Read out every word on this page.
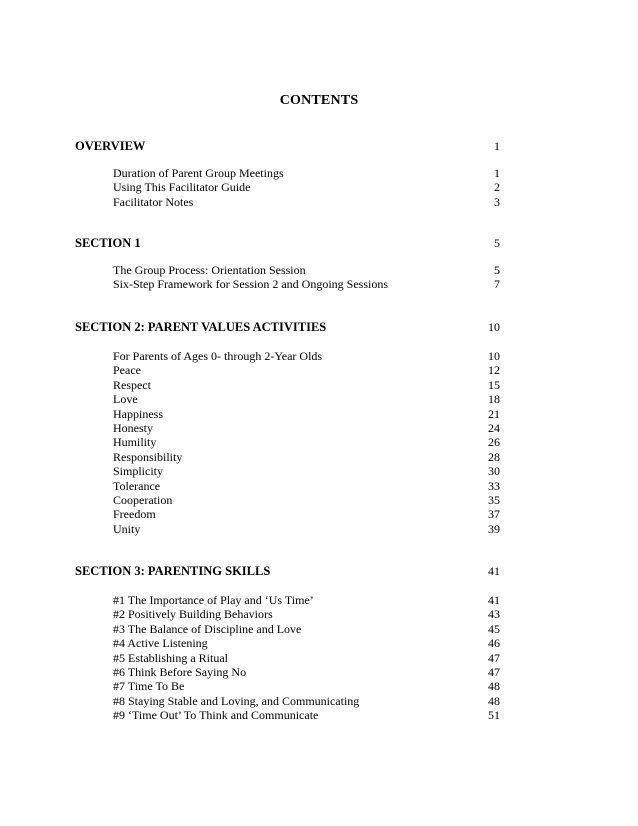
CONTENTS
OVERVIEW	1
Duration of Parent Group Meetings	1
Using This Facilitator Guide	2
Facilitator Notes	3
SECTION 1	5
The Group Process: Orientation Session	5
Six-Step Framework for Session 2 and Ongoing Sessions	7
SECTION 2: PARENT VALUES ACTIVITIES	10
For Parents of Ages 0- through 2-Year Olds	10
Peace	12
Respect	15
Love	18
Happiness	21
Honesty	24
Humility	26
Responsibility	28
Simplicity	30
Tolerance	33
Cooperation	35
Freedom	37
Unity	39
SECTION 3: PARENTING SKILLS	41
#1 The Importance of Play and ‘Us Time’	41
#2 Positively Building Behaviors	43
#3 The Balance of Discipline and Love	45
#4 Active Listening	46
#5 Establishing a Ritual	47
#6 Think Before Saying No	47
#7 Time To Be	48
#8 Staying Stable and Loving, and Communicating	48
#9 ‘Time Out’ To Think and Communicate	51
